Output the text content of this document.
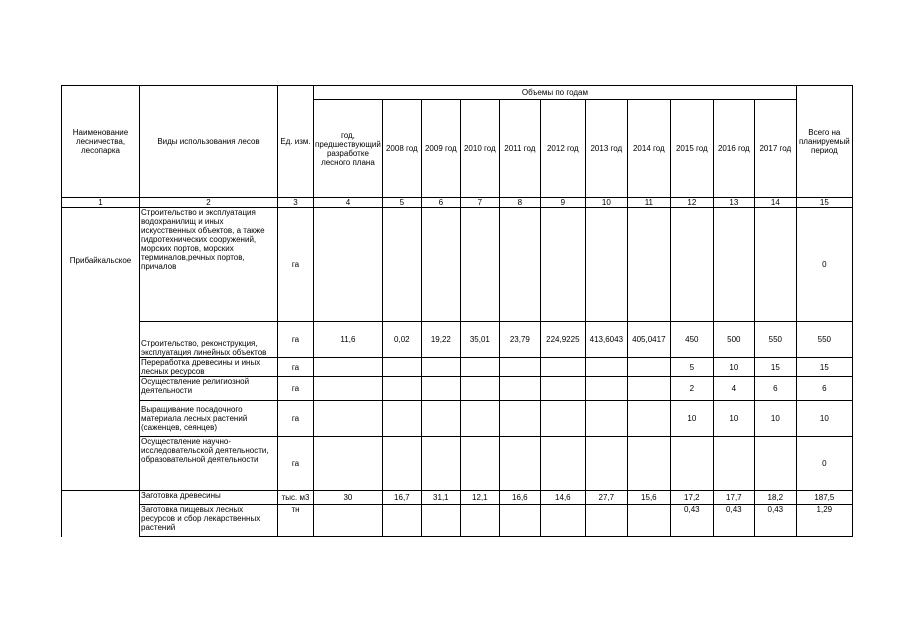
Наименование лесничества, лесопарка	Виды использования лесов	Ед. изм.	Объемы по годам											Всего на планируемый период
			год, предшествующий разработке лесного плана	2008 год	2009 год	2010 год	2011 год	2012 год	2013 год	2014 год	2015 год	2016 год	2017 год	
1	2	3	4	5	6	7	8	9	10	11	12	13	14	15
Прибайкальское	Строительство и эксплуатация водохранилищ и иных искусственных объектов, а также гидротехнических сооружений, морских портов, морских терминалов,речных портов, причалов	га												0
	Строительство, реконструкция, эксплуатация линейных объектов	га	11,6	0,02	19,22	35,01	23,79	224,9225	413,6043	405,0417	450	500	550	550
	Переработка древесины и иных лесных ресурсов	га									5	10	15	15
	Осуществление религиозной деятельности	га									2	4	6	6
	Выращивание посадочного материала лесных растений (саженцев, сеянцев)	га									10	10	10	10
	Осуществление научно-исследовательской деятельности, образовательной деятельности	га												0
	Заготовка древесины	тыс. м3	30	16,7	31,1	12,1	16,6	14,6	27,7	15,6	17,2	17,7	18,2	187,5
	Заготовка пищевых лесных ресурсов и сбор лекарственных растений	тн									0,43	0,43	0,43	1,29
